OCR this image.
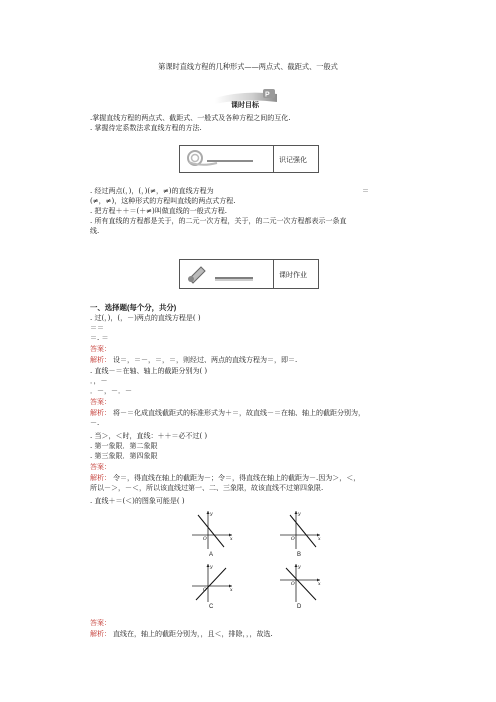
第课时直线方程的几种形式——两点式、截距式、一般式
P
课时目标
.掌握直线方程的两点式、截距式、一般式及各种方程之间的互化.
. 掌握待定系数法求直线方程的方法.
识记强化
. 经过两点(，)，(，)(≠，≠)的直线方程为	＝
(≠，≠)，这种形式的方程叫直线的两点式方程.
. 把方程＋＋＝(＋≠)叫做直线的一般式方程.
. 所有直线的方程都是关于，的二元一次方程，关于，的二元一次方程都表示一条直
线.
课时作业
一、选择题(每个分，共分)
. 过(，)，(，－)两点的直线方程是( )
＝＝
＝. ＝
答案：
解析： 设＝，＝－，＝，＝，则经过、两点的直线方程为＝，即＝.
. 直线－＝在轴、轴上的截距分别为( )
．，－
．－，－．－
答案：
解析： 将－＝化成直线截距式的标准形式为＋＝，故直线－＝在轴、轴上的截距分别为，
－.
. 当＞，＜时，直线：＋＋＝必不过( )
. 第一象限．第二象限
. 第三象限．第四象限
答案：
解析： 令＝，得直线在轴上的截距为－；令＝，得直线在轴上的截距为－.因为＞，＜，
所以－＞，－＜，所以该直线过第一、二、三象限，故该直线不过第四象限.
. 直线＋＝(＜)的图象可能是( )
y
x
O
A
y
x
O
B
y
x
O
C
y
x
O
D
答案：
解析： 直线在，轴上的截距分别为，，且＜，排除，，，故选.
